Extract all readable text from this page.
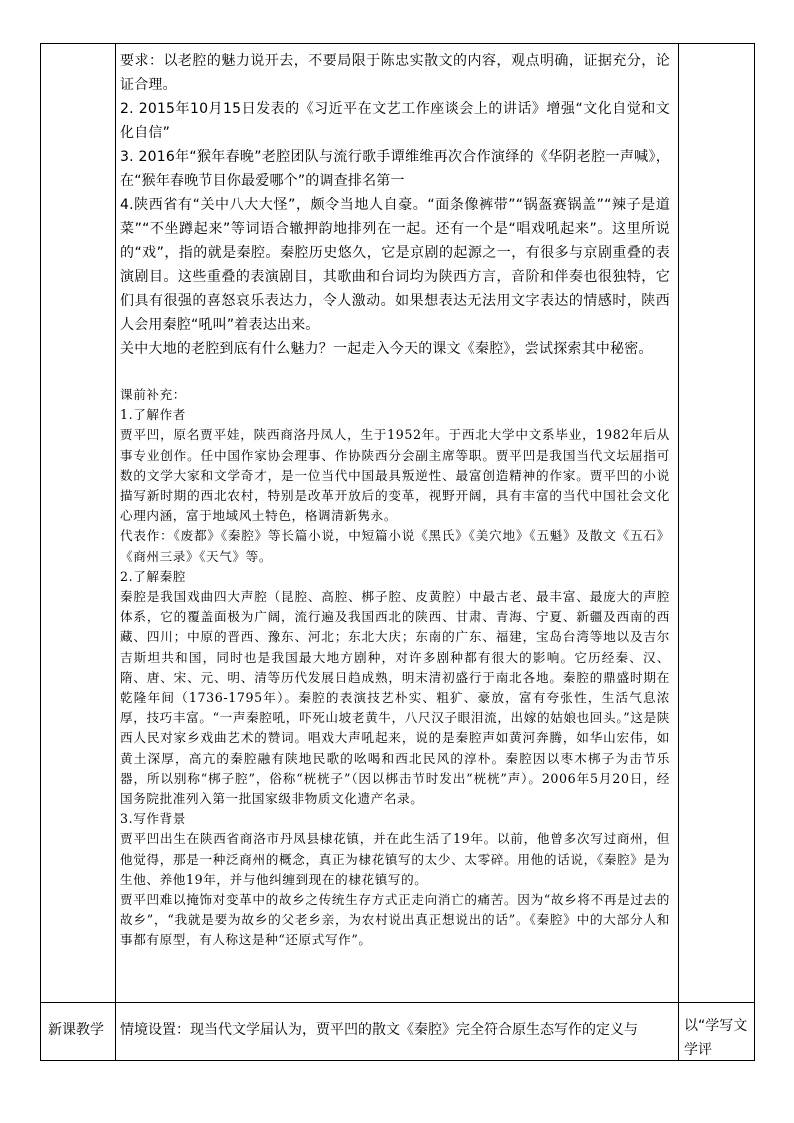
要求：以老腔的魅力说开去，不要局限于陈忠实散文的内容，观点明确，证据充分，论证合理。

2. 2015年10月15日发表的《习近平在文艺工作座谈会上的讲话》增强“文化自觉和文化自信”

3. 2016年“猴年春晚”老腔团队与流行歌手谭维维再次合作演绎的《华阴老腔一声喊》，在“猴年春晚节目你最爱哪个”的调查排名第一

4.陕西省有“关中八大大怪”，颇令当地人自豪。“面条像裤带”“锅盔赛锅盖”“辣子是道菜”“不坐蹲起来”等词语合辙押韵地排列在一起。还有一个是“唱戏吼起来”。这里所说的“戏”，指的就是秦腔。秦腔历史悠久，它是京剧的起源之一，有很多与京剧重叠的表演剧目。这些重叠的表演剧目，其歌曲和台词均为陕西方言，音阶和伴奏也很独特，它们具有很强的喜怒哀乐表达力，令人激动。如果想表达无法用文字表达的情感时，陕西人会用秦腔“吼叫”着表达出来。

关中大地的老腔到底有什么魅力？一起走入今天的课文《秦腔》，尝试探索其中秘密。

课前补充：

1.了解作者

贾平凹，原名贾平娃，陕西商洛丹凤人，生于1952年。于西北大学中文系毕业，1982年后从事专业创作。任中国作家协会理事、作协陕西分会副主席等职。贾平凹是我国当代文坛屈指可数的文学大家和文学奇才，是一位当代中国最具叛逆性、最富创造精神的作家。贾平凹的小说描写新时期的西北农村，特别是改革开放后的变革，视野开阔，具有丰富的当代中国社会文化心理内涵，富于地域风土特色，格调清新隽永。

代表作：《废都》《秦腔》等长篇小说，中短篇小说《黑氏》《美穴地》《五魁》及散文《五石》《商州三录》《天气》等。

2.了解秦腔

秦腔是我国戏曲四大声腔（昆腔、高腔、梆子腔、皮黄腔）中最古老、最丰富、最庞大的声腔体系，它的覆盖面极为广阔，流行遍及我国西北的陕西、甘肃、青海、宁夏、新疆及西南的西藏、四川；中原的晋西、豫东、河北；东北大庆；东南的广东、福建，宝岛台湾等地以及吉尔吉斯坦共和国，同时也是我国最大地方剧种，对许多剧种都有很大的影响。它历经秦、汉、隋、唐、宋、元、明、清等历代发展日趋成熟，明末清初盛行于南北各地。秦腔的鼎盛时期在乾隆年间（1736-1795年）。秦腔的表演技艺朴实、粗犷、豪放，富有夸张性，生活气息浓厚，技巧丰富。“一声秦腔吼，吓死山坡老黄牛，八尺汉子眼泪流，出嫁的姑娘也回头。”这是陕西人民对家乡戏曲艺术的赞词。唱戏大声吼起来，说的是秦腔声如黄河奔腾，如华山宏伟，如黄土深厚，高亢的秦腔融有陕地民歌的吆喝和西北民风的淳朴。秦腔因以枣木梆子为击节乐器，所以别称“梆子腔”，俗称“桄桄子”（因以梆击节时发出“桄桄”声）。2006年5月20日，经国务院批准列入第一批国家级非物质文化遗产名录。

3.写作背景

贾平凹出生在陕西省商洛市丹凤县棣花镇，并在此生活了19年。以前，他曾多次写过商州，但他觉得，那是一种泛商州的概念，真正为棣花镇写的太少、太零碎。用他的话说，《秦腔》是为生他、养他19年，并与他纠缠到现在的棣花镇写的。

贾平凹难以掩饰对变革中的故乡之传统生存方式正走向消亡的痛苦。因为“故乡将不再是过去的故乡”，“我就是要为故乡的父老乡亲，为农村说出真正想说出的话”。《秦腔》中的大部分人和事都有原型，有人称这是种“还原式写作”。

新课教学 情境设置：现当代文学届认为，贾平凹的散文《秦腔》完全符合原生态写作的定义与	以“学写文学评
